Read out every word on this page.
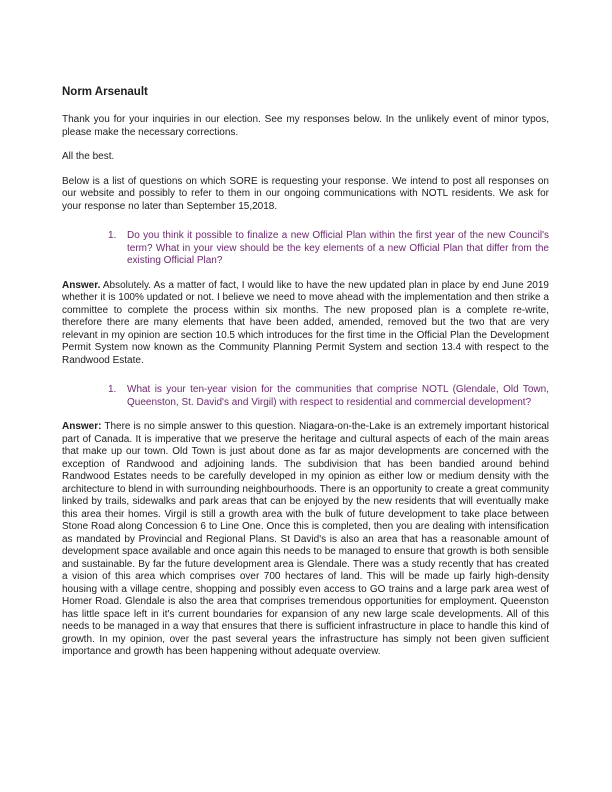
Norm Arsenault

Thank you for your inquiries in our election. See my responses below. In the unlikely event of minor typos, please make the necessary corrections.

All the best.

Below is a list of questions on which SORE is requesting your response. We intend to post all responses on our website and possibly to refer to them in our ongoing communications with NOTL residents. We ask for your response no later than September 15,2018.

1.	Do you think it possible to finalize a new Official Plan within the first year of the new Council's term? What in your view should be the key elements of a new Official Plan that differ from the existing Official Plan?

Answer. Absolutely. As a matter of fact, I would like to have the new updated plan in place by end June 2019 whether it is 100% updated or not. I believe we need to move ahead with the implementation and then strike a committee to complete the process within six months. The new proposed plan is a complete re-write, therefore there are many elements that have been added, amended, removed but the two that are very relevant in my opinion are section 10.5 which introduces for the first time in the Official Plan the Development Permit System now known as the Community Planning Permit System and section 13.4 with respect to the Randwood Estate.

1.	What is your ten-year vision for the communities that comprise NOTL (Glendale, Old Town, Queenston, St. David's and Virgil) with respect to residential and commercial development?

Answer: There is no simple answer to this question. Niagara-on-the-Lake is an extremely important historical part of Canada. It is imperative that we preserve the heritage and cultural aspects of each of the main areas that make up our town. Old Town is just about done as far as major developments are concerned with the exception of Randwood and adjoining lands. The subdivision that has been bandied around behind Randwood Estates needs to be carefully developed in my opinion as either low or medium density with the architecture to blend in with surrounding neighbourhoods. There is an opportunity to create a great community linked by trails, sidewalks and park areas that can be enjoyed by the new residents that will eventually make this area their homes. Virgil is still a growth area with the bulk of future development to take place between Stone Road along Concession 6 to Line One. Once this is completed, then you are dealing with intensification as mandated by Provincial and Regional Plans. St David's is also an area that has a reasonable amount of development space available and once again this needs to be managed to ensure that growth is both sensible and sustainable. By far the future development area is Glendale. There was a study recently that has created a vision of this area which comprises over 700 hectares of land. This will be made up fairly high-density housing with a village centre, shopping and possibly even access to GO trains and a large park area west of Homer Road. Glendale is also the area that comprises tremendous opportunities for employment. Queenston has little space left in it's current boundaries for expansion of any new large scale developments. All of this needs to be managed in a way that ensures that there is sufficient infrastructure in place to handle this kind of growth. In my opinion, over the past several years the infrastructure has simply not been given sufficient importance and growth has been happening without adequate overview.
